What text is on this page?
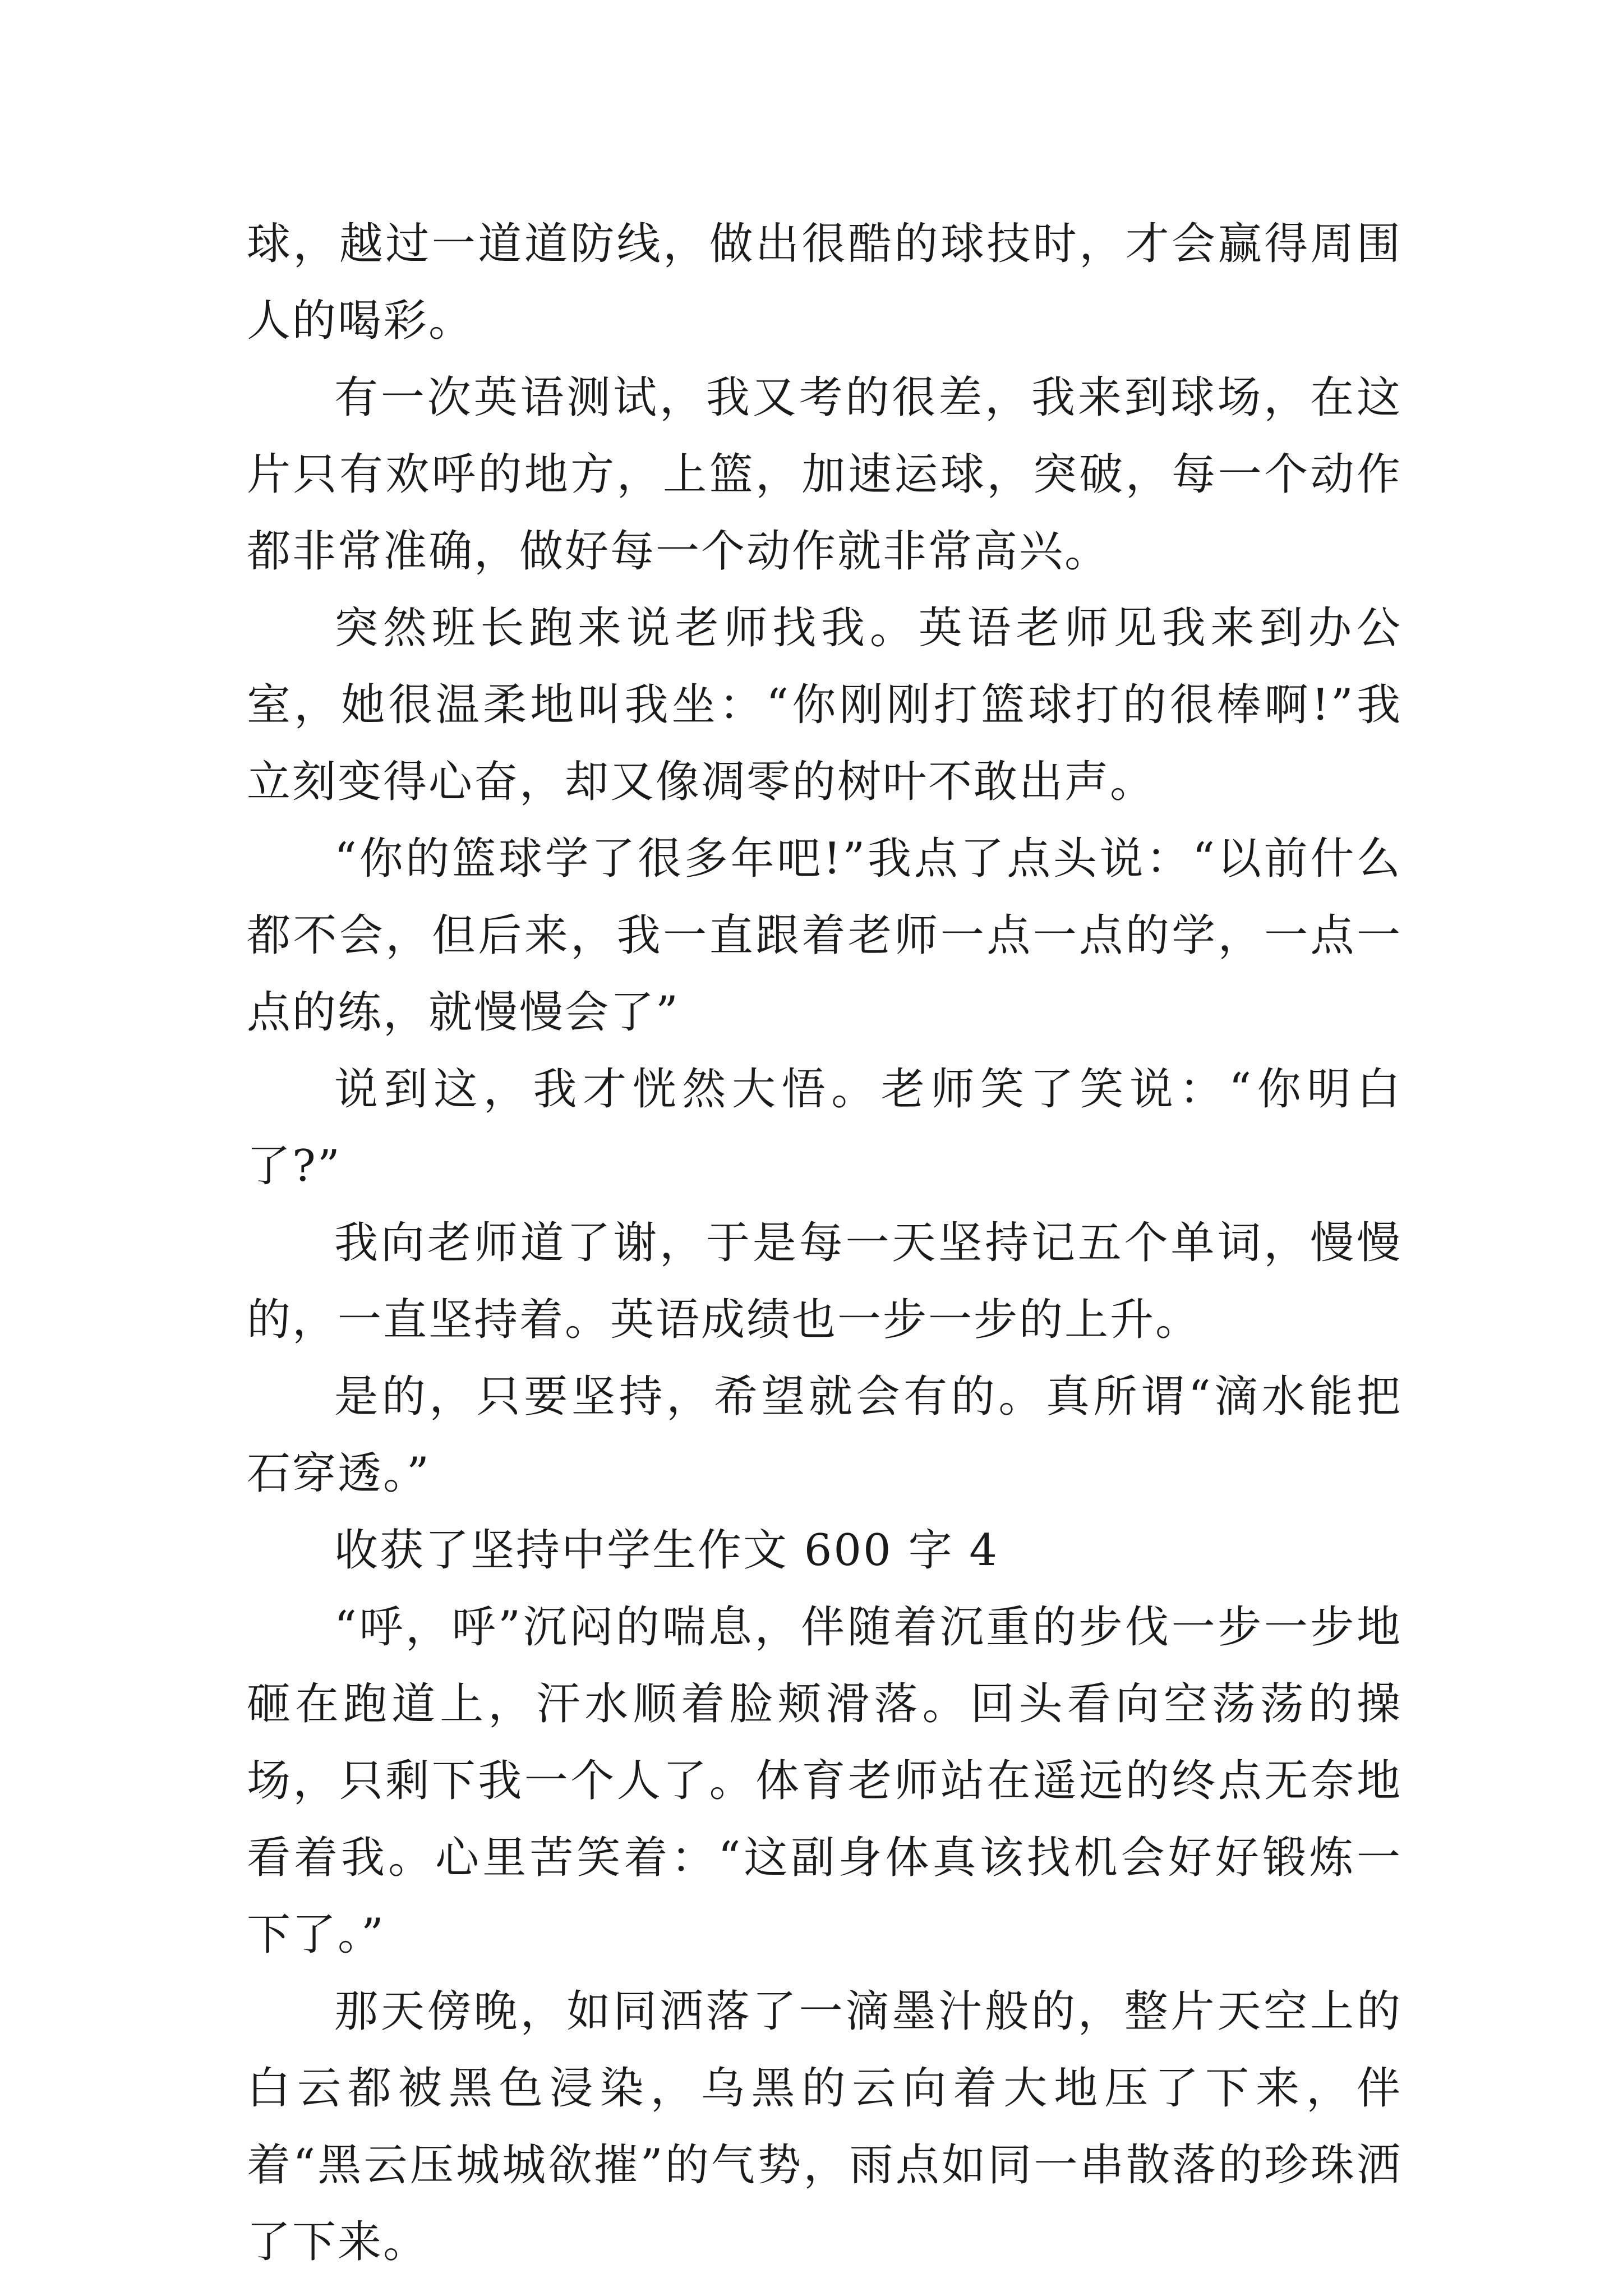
球，越过一道道防线，做出很酷的球技时，才会赢得周围人的喝彩。

有一次英语测试，我又考的很差，我来到球场，在这片只有欢呼的地方，上篮，加速运球，突破，每一个动作都非常准确，做好每一个动作就非常高兴。

突然班长跑来说老师找我。英语老师见我来到办公室，她很温柔地叫我坐：“你刚刚打篮球打的很棒啊!”我立刻变得心奋，却又像凋零的树叶不敢出声。

“你的篮球学了很多年吧!”我点了点头说：“以前什么都不会，但后来，我一直跟着老师一点一点的学，一点一点的练，就慢慢会了”

说到这，我才恍然大悟。老师笑了笑说：“你明白了?”

我向老师道了谢，于是每一天坚持记五个单词，慢慢的，一直坚持着。英语成绩也一步一步的上升。

是的，只要坚持，希望就会有的。真所谓“滴水能把石穿透。”

收获了坚持中学生作文 600 字 4

“呼，呼”沉闷的喘息，伴随着沉重的步伐一步一步地砸在跑道上，汗水顺着脸颊滑落。回头看向空荡荡的操场，只剩下我一个人了。体育老师站在遥远的终点无奈地看着我。心里苦笑着：“这副身体真该找机会好好锻炼一下了。”

那天傍晚，如同洒落了一滴墨汁般的，整片天空上的白云都被黑色浸染，乌黑的云向着大地压了下来，伴着“黑云压城城欲摧”的气势，雨点如同一串散落的珍珠洒了下来。
